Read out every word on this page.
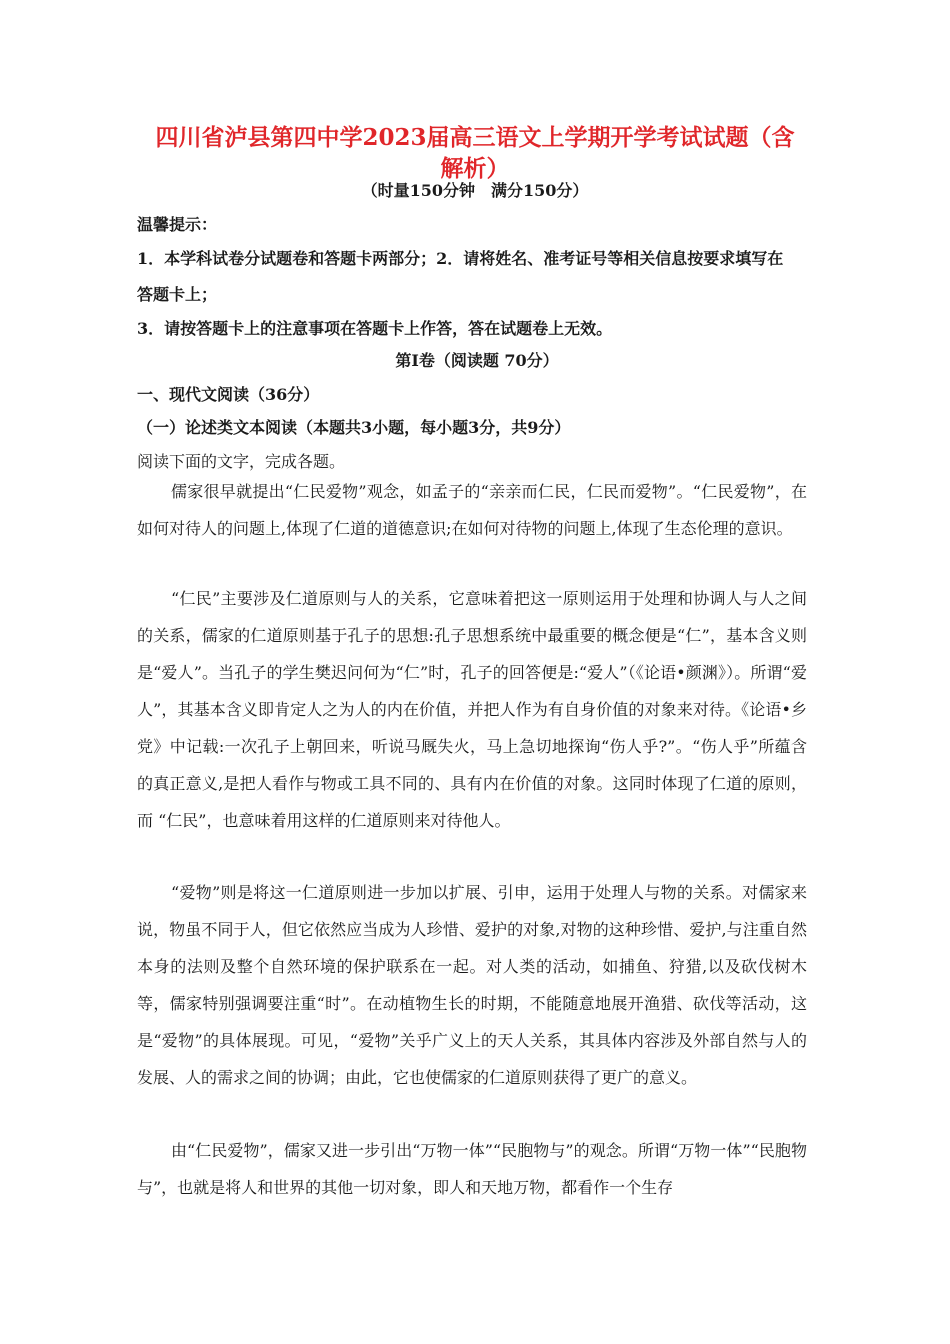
四川省泸县第四中学2023届高三语文上学期开学考试试题（含解析）
（时量150分钟　满分150分）
温馨提示：
1．本学科试卷分试题卷和答题卡两部分；2．请将姓名、准考证号等相关信息按要求填写在
答题卡上；
3．请按答题卡上的注意事项在答题卡上作答，答在试题卷上无效。
第Ⅰ卷（阅读题 70分）
一、现代文阅读（36分）
（一）论述类文本阅读（本题共3小题，每小题3分，共9分）
阅读下面的文字，完成各题。

儒家很早就提出“仁民爱物”观念，如孟子的“亲亲而仁民，仁民而爱物”。“仁民爱物”，在如何对待人的问题上,体现了仁道的道德意识;在如何对待物的问题上,体现了生态伦理的意识。

“仁民”主要涉及仁道原则与人的关系，它意味着把这一原则运用于处理和协调人与人之间的关系，儒家的仁道原则基于孔子的思想:孔子思想系统中最重要的概念便是“仁”，基本含义则是“爱人”。当孔子的学生樊迟问何为“仁”时，孔子的回答便是:“爱人”（《论语•颜渊》）。所谓“爱人”，其基本含义即肯定人之为人的内在价值，并把人作为有自身价值的对象来对待。《论语•乡党》中记载:一次孔子上朝回来，听说马厩失火，马上急切地探询“伤人乎?”。“伤人乎”所蕴含的真正意义,是把人看作与物或工具不同的、具有内在价值的对象。这同时体现了仁道的原则，而 “仁民”，也意味着用这样的仁道原则来对待他人。

“爱物”则是将这一仁道原则进一步加以扩展、引申，运用于处理人与物的关系。对儒家来说，物虽不同于人，但它依然应当成为人珍惜、爱护的对象,对物的这种珍惜、爱护,与注重自然本身的法则及整个自然环境的保护联系在一起。对人类的活动，如捕鱼、狩猎,以及砍伐树木等，儒家特别强调要注重“时”。在动植物生长的时期，不能随意地展开渔猎、砍伐等活动，这是“爱物”的具体展现。可见，“爱物”关乎广义上的天人关系，其具体内容涉及外部自然与人的发展、人的需求之间的协调；由此，它也使儒家的仁道原则获得了更广的意义。

由“仁民爱物”，儒家又进一步引出“万物一体”“民胞物与”的观念。所谓“万物一体”“民胞物与”，也就是将人和世界的其他一切对象，即人和天地万物，都看作一个生存
